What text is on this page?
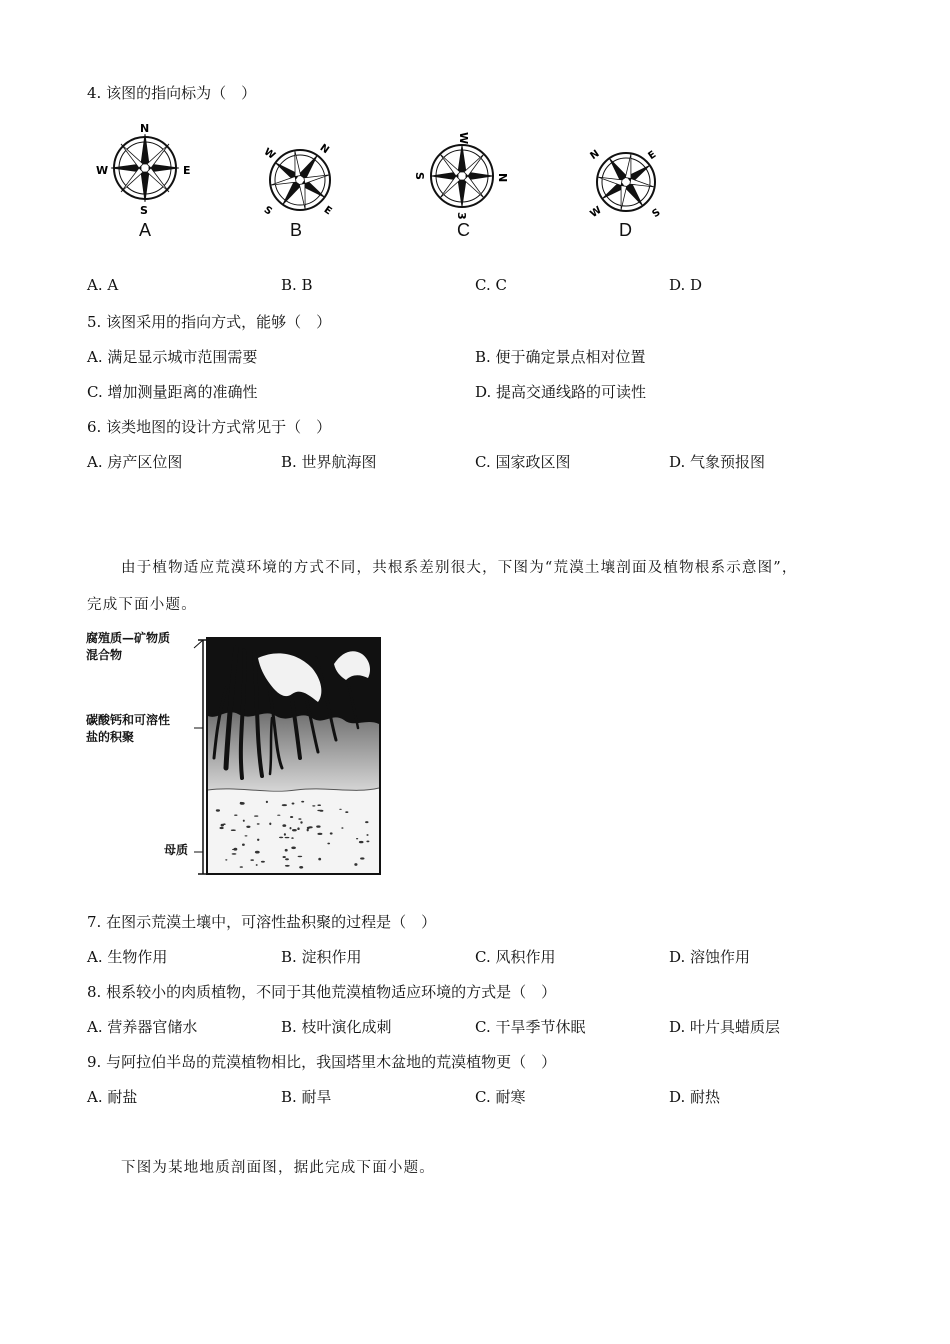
4. 该图的指向标为（　）
N
E
S
W
A
N
E
S
W
B
W
N
3
S
C
E
S
W
N
D
A. A	B. B	C. C	D. D
5. 该图采用的指向方式，能够（　）
A. 满足显示城市范围需要	B. 便于确定景点相对位置
C. 增加测量距离的准确性	D. 提高交通线路的可读性
6. 该类地图的设计方式常见于（　）
A. 房产区位图	B. 世界航海图	C. 国家政区图	D. 气象预报图
由于植物适应荒漠环境的方式不同，共根系差别很大，下图为“荒漠土壤剖面及植物根系示意图”，
完成下面小题。
腐殖质—矿物质
混合物
碳酸钙和可溶性
盐的积聚
母质
7. 在图示荒漠土壤中，可溶性盐积聚的过程是（　）
A. 生物作用	B. 淀积作用	C. 风积作用	D. 溶蚀作用
8. 根系较小的肉质植物，不同于其他荒漠植物适应环境的方式是（　）
A. 营养器官储水	B. 枝叶演化成刺	C. 干旱季节休眠	D. 叶片具蜡质层
9. 与阿拉伯半岛的荒漠植物相比，我国塔里木盆地的荒漠植物更（　）
A. 耐盐	B. 耐旱	C. 耐寒	D. 耐热
下图为某地地质剖面图，据此完成下面小题。
